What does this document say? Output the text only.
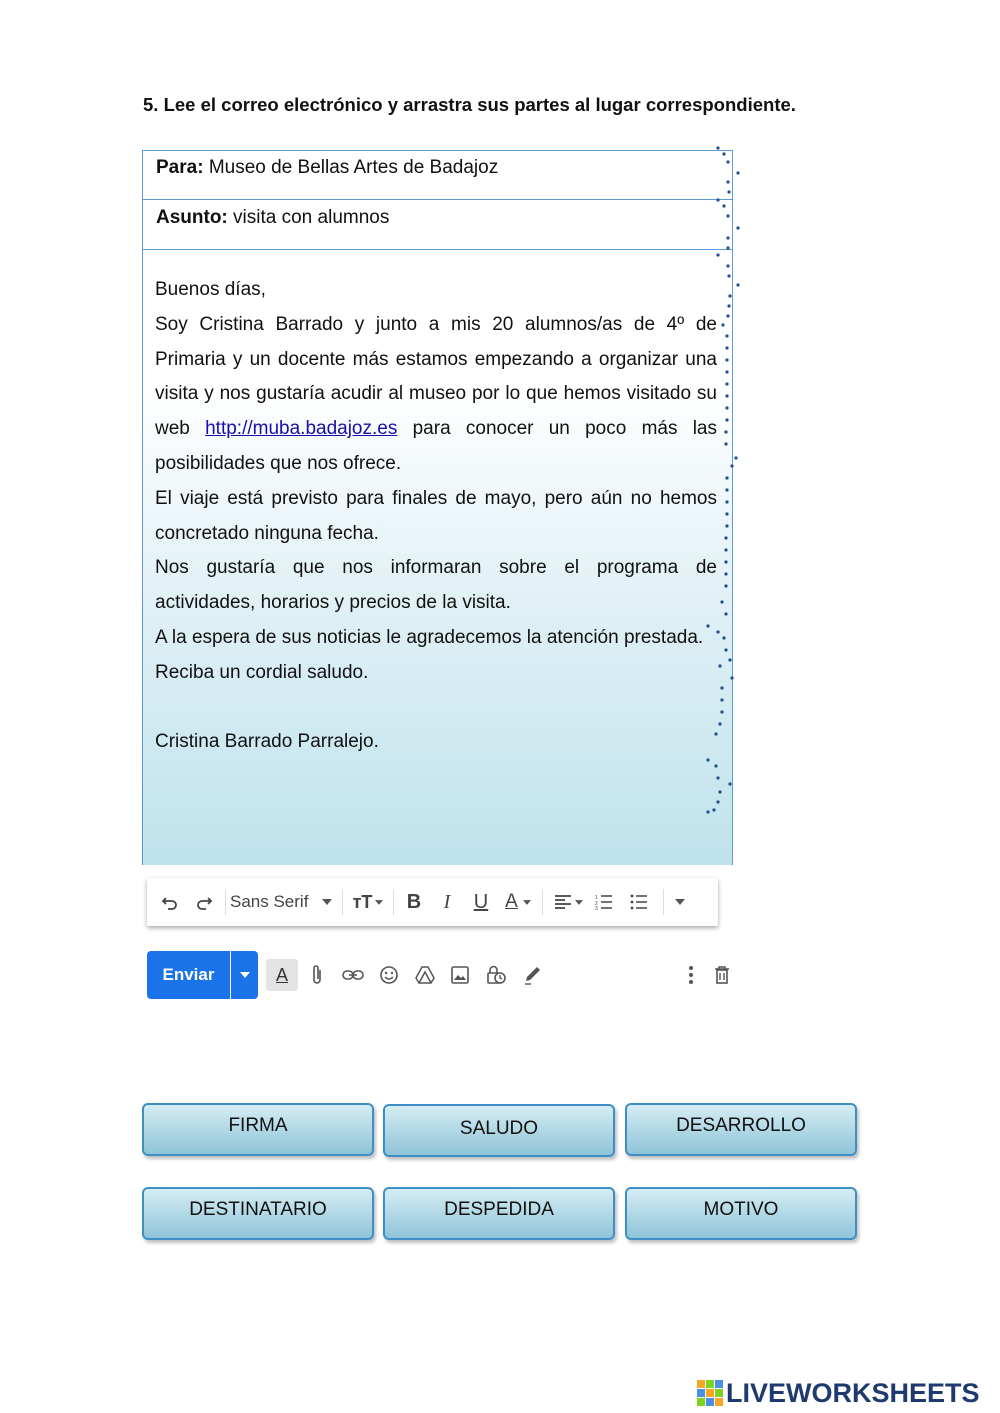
5. Lee el correo electrónico y arrastra sus partes al lugar correspondiente.
Para: Museo de Bellas Artes de Badajoz
Asunto: visita con alumnos

Buenos días,

Soy Cristina Barrado y junto a mis 20 alumnos/as de 4º de Primaria y un docente más estamos empezando a organizar una visita y nos gustaría acudir al museo por lo que hemos visitado su web http://muba.badajoz.es para conocer un poco más las posibilidades que nos ofrece.

El viaje está previsto para finales de mayo, pero aún no hemos concretado ninguna fecha.

Nos gustaría que nos informaran sobre el programa de actividades, horarios y precios de la visita.

A la espera de sus noticias le agradecemos la atención prestada.

Reciba un cordial saludo.

Cristina Barrado Parralejo.

Sans Serif тT	B	I	U A	1
2
3
Enviar	A
FIRMA	SALUDO	DESARROLLO
DESTINATARIO	DESPEDIDA	MOTIVO
LIVEWORKSHEETS
